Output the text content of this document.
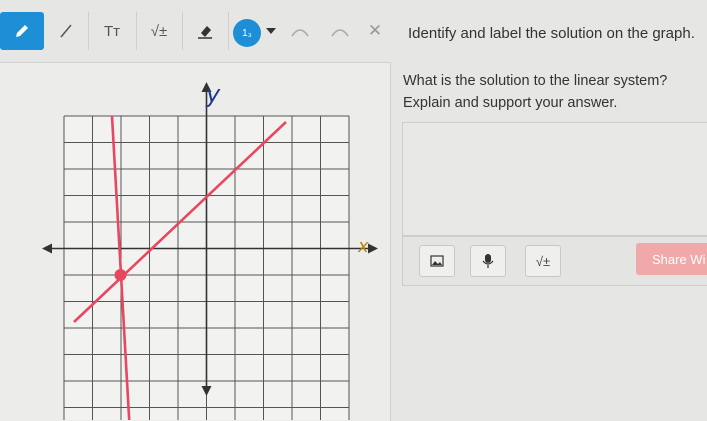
Tт √±	1₃	✕
y
x
Identify and label the solution on the graph.
What is the solution to the linear system?
Explain and support your answer.
√±	Share Wi
